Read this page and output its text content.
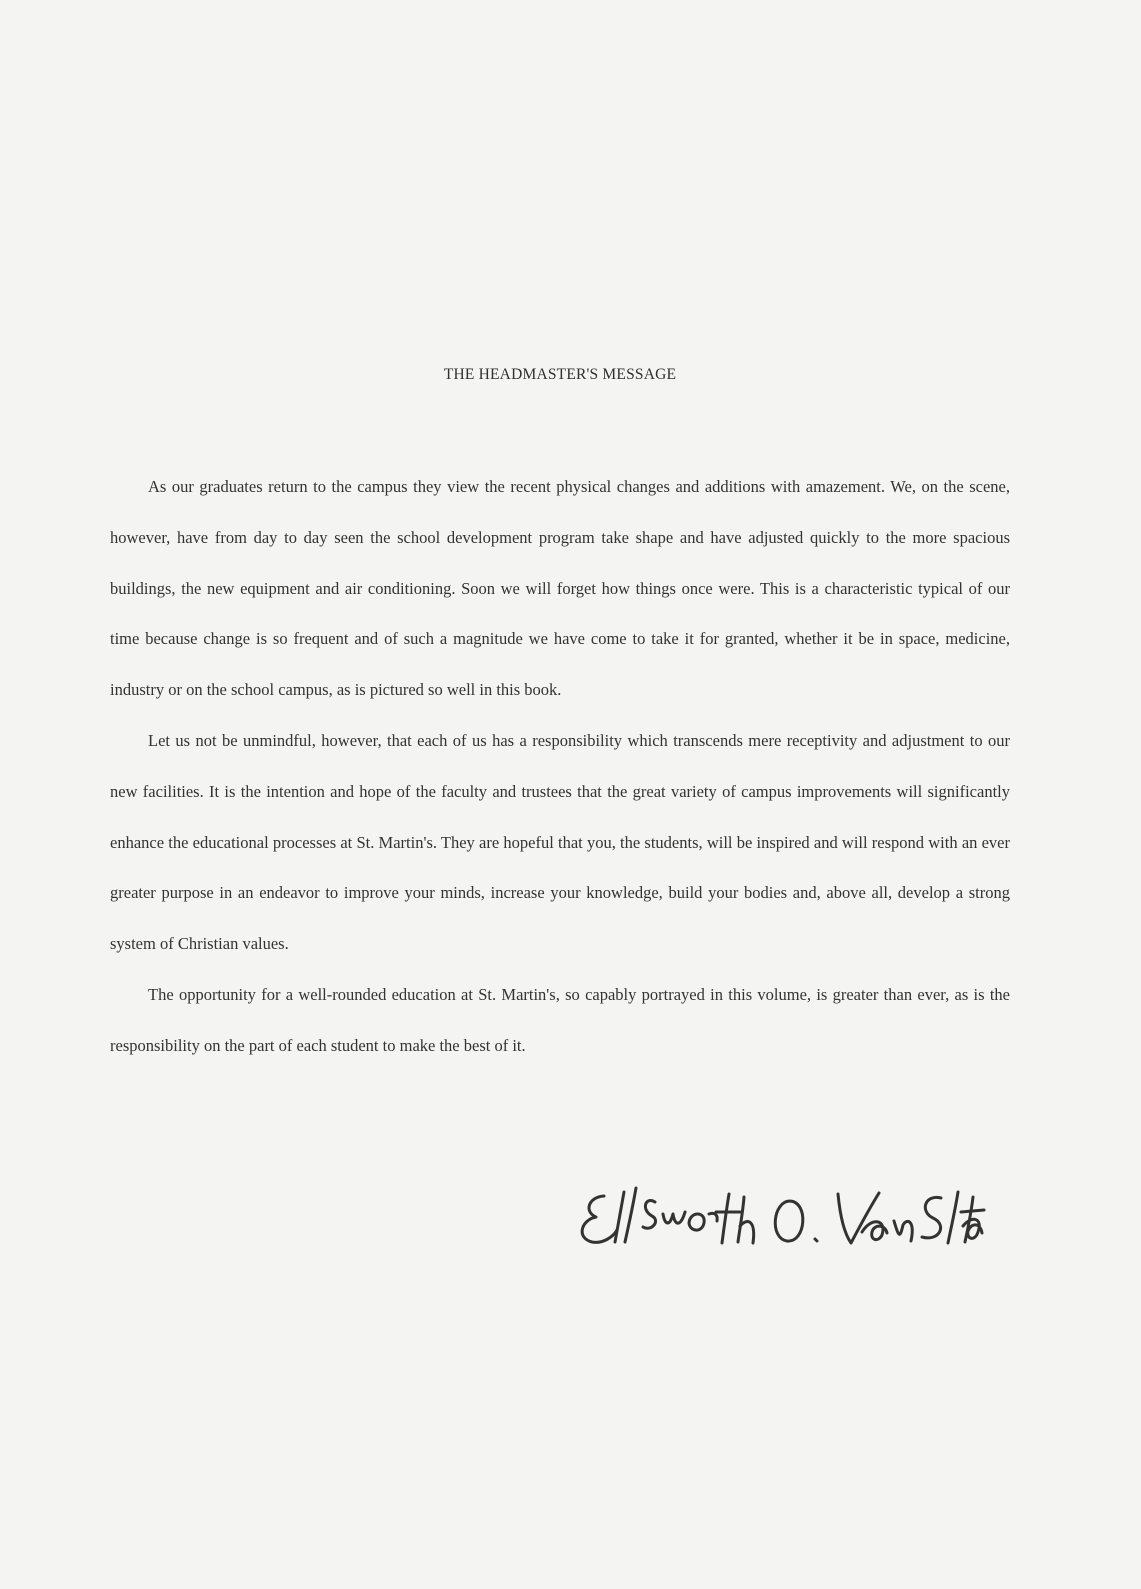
THE HEADMASTER'S MESSAGE

As our graduates return to the campus they view the recent physical changes and additions with amazement. We, on the scene, however, have from day to day seen the school development program take shape and have adjusted quickly to the more spacious buildings, the new equipment and air conditioning. Soon we will forget how things once were. This is a characteristic typical of our time because change is so frequent and of such a magnitude we have come to take it for granted, whether it be in space, medicine, industry or on the school campus, as is pictured so well in this book.

Let us not be unmindful, however, that each of us has a responsibility which transcends mere receptivity and adjustment to our new facilities. It is the intention and hope of the faculty and trustees that the great variety of campus improvements will significantly enhance the educational processes at St. Martin's. They are hopeful that you, the students, will be inspired and will respond with an ever greater purpose in an endeavor to improve your minds, increase your knowledge, build your bodies and, above all, develop a strong system of Christian values.

The opportunity for a well-rounded education at St. Martin's, so capably portrayed in this volume, is greater than ever, as is the responsibility on the part of each student to make the best of it.
